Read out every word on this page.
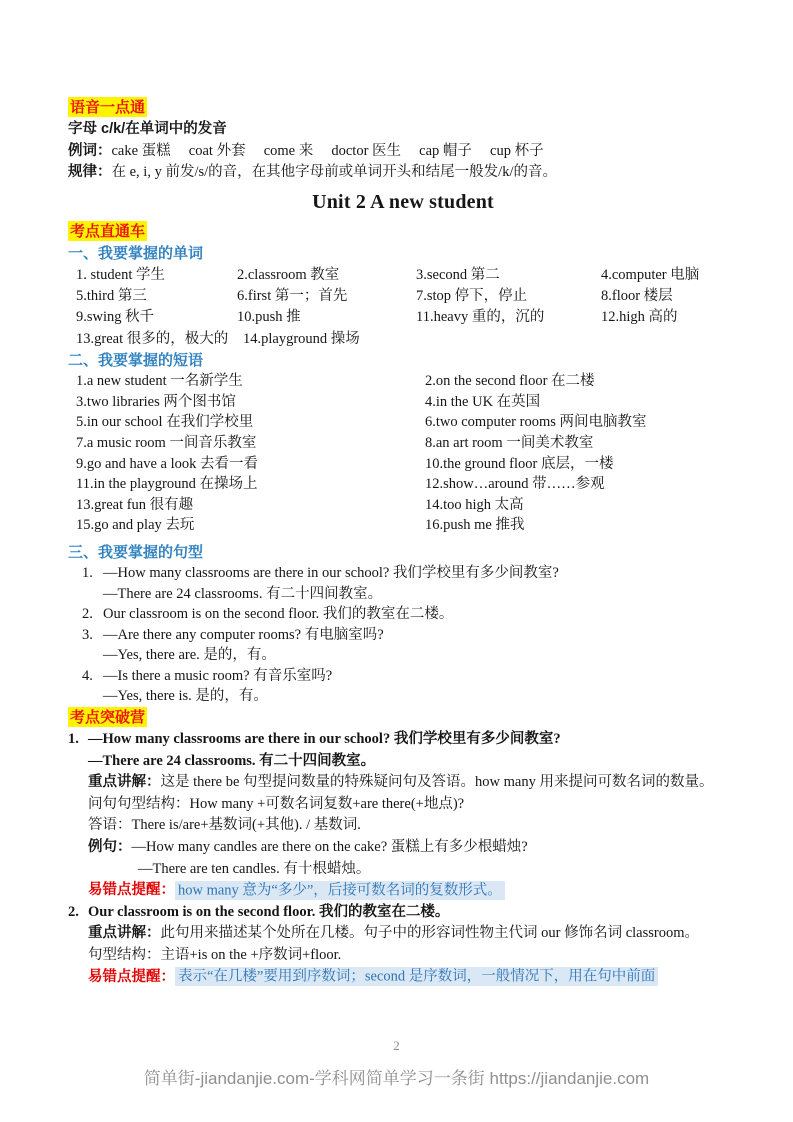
语音一点通
字母 c/k/在单词中的发音
例词：cake 蛋糕　 coat 外套　 come 来　 doctor 医生　 cap 帽子　 cup 杯子
规律：在 e, i, y 前发/s/的音，在其他字母前或单词开头和结尾一般发/k/的音。
Unit 2 A new student
考点直通车
一、我要掌握的单词
1. student 学生	2.classroom 教室	3.second 第二	4.computer 电脑
5.third 第三	6.first 第一；首先	7.stop 停下，停止	8.floor 楼层
9.swing 秋千	10.push 推	11.heavy 重的，沉的	12.high 高的
13.great 很多的，极大的	14.playground 操场
二、我要掌握的短语
1.a new student 一名新学生	2.on the second floor 在二楼
3.two libraries 两个图书馆	4.in the UK 在英国
5.in our school 在我们学校里	6.two computer rooms 两间电脑教室
7.a music room 一间音乐教室	8.an art room 一间美术教室
9.go and have a look 去看一看	10.the ground floor 底层，一楼
11.in the playground 在操场上	12.show…around 带……参观
13.great fun 很有趣	14.too high 太高
15.go and play 去玩	16.push me 推我
三、我要掌握的句型
1. —How many classrooms are there in our school? 我们学校里有多少间教室?
—There are 24 classrooms. 有二十四间教室。
2. Our classroom is on the second floor. 我们的教室在二楼。
3. —Are there any computer rooms? 有电脑室吗?
—Yes, there are. 是的，有。
4. —Is there a music room? 有音乐室吗?
—Yes, there is. 是的，有。
考点突破营
1. —How many classrooms are there in our school? 我们学校里有多少间教室?
—There are 24 classrooms. 有二十四间教室。
重点讲解：这是 there be 句型提问数量的特殊疑问句及答语。how many 用来提问可数名词的数量。
问句句型结构：How many +可数名词复数+are there(+地点)?
答语：There is/are+基数词(+其他). / 基数词.
例句：—How many candles are there on the cake? 蛋糕上有多少根蜡烛?
—There are ten candles. 有十根蜡烛。
易错点提醒： how many 意为“多少”，后接可数名词的复数形式。
2. Our classroom is on the second floor. 我们的教室在二楼。
重点讲解：此句用来描述某个处所在几楼。句子中的形容词性物主代词 our 修饰名词 classroom。
句型结构：主语+is on the +序数词+floor.
易错点提醒： 表示“在几楼”要用到序数词；second 是序数词，一般情况下，用在句中前面
2
简单街-jiandanjie.com-学科网简单学习一条街 https://jiandanjie.com
